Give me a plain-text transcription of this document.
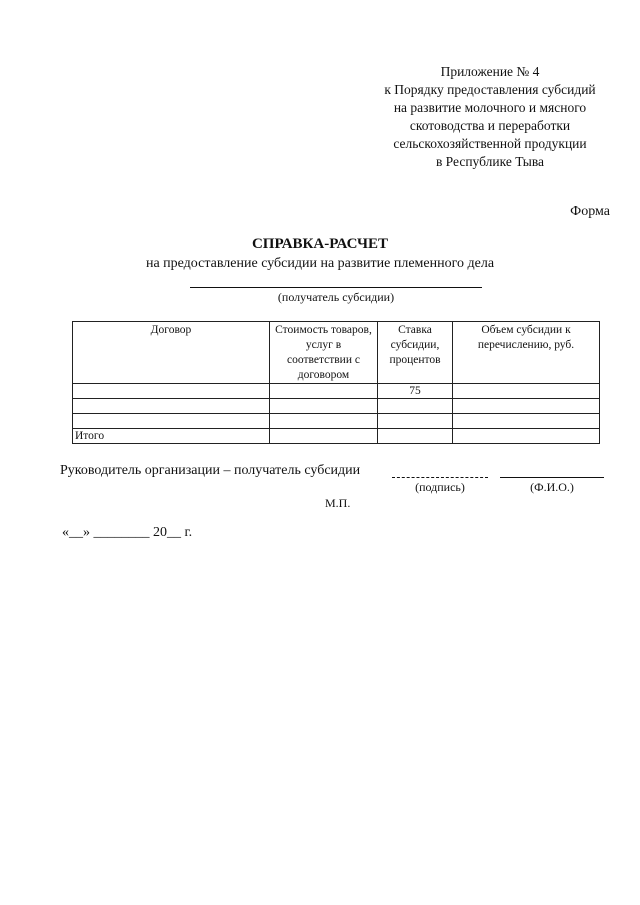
Приложение № 4
к Порядку предоставления субсидий
на развитие молочного и мясного
скотоводства и переработки
сельскохозяйственной продукции
в Республике Тыва
Форма
СПРАВКА-РАСЧЕТ
на предоставление субсидии на развитие племенного дела
(получатель субсидии)
Договор	Стоимость товаров, услуг в соответствии с договором	Ставка субсидии, процентов	Объем субсидии к перечислению, руб.
		75	

Итого			
Руководитель организации – получатель субсидии
(подпись)	(Ф.И.О.)
М.П.
«__» ________ 20__ г.
